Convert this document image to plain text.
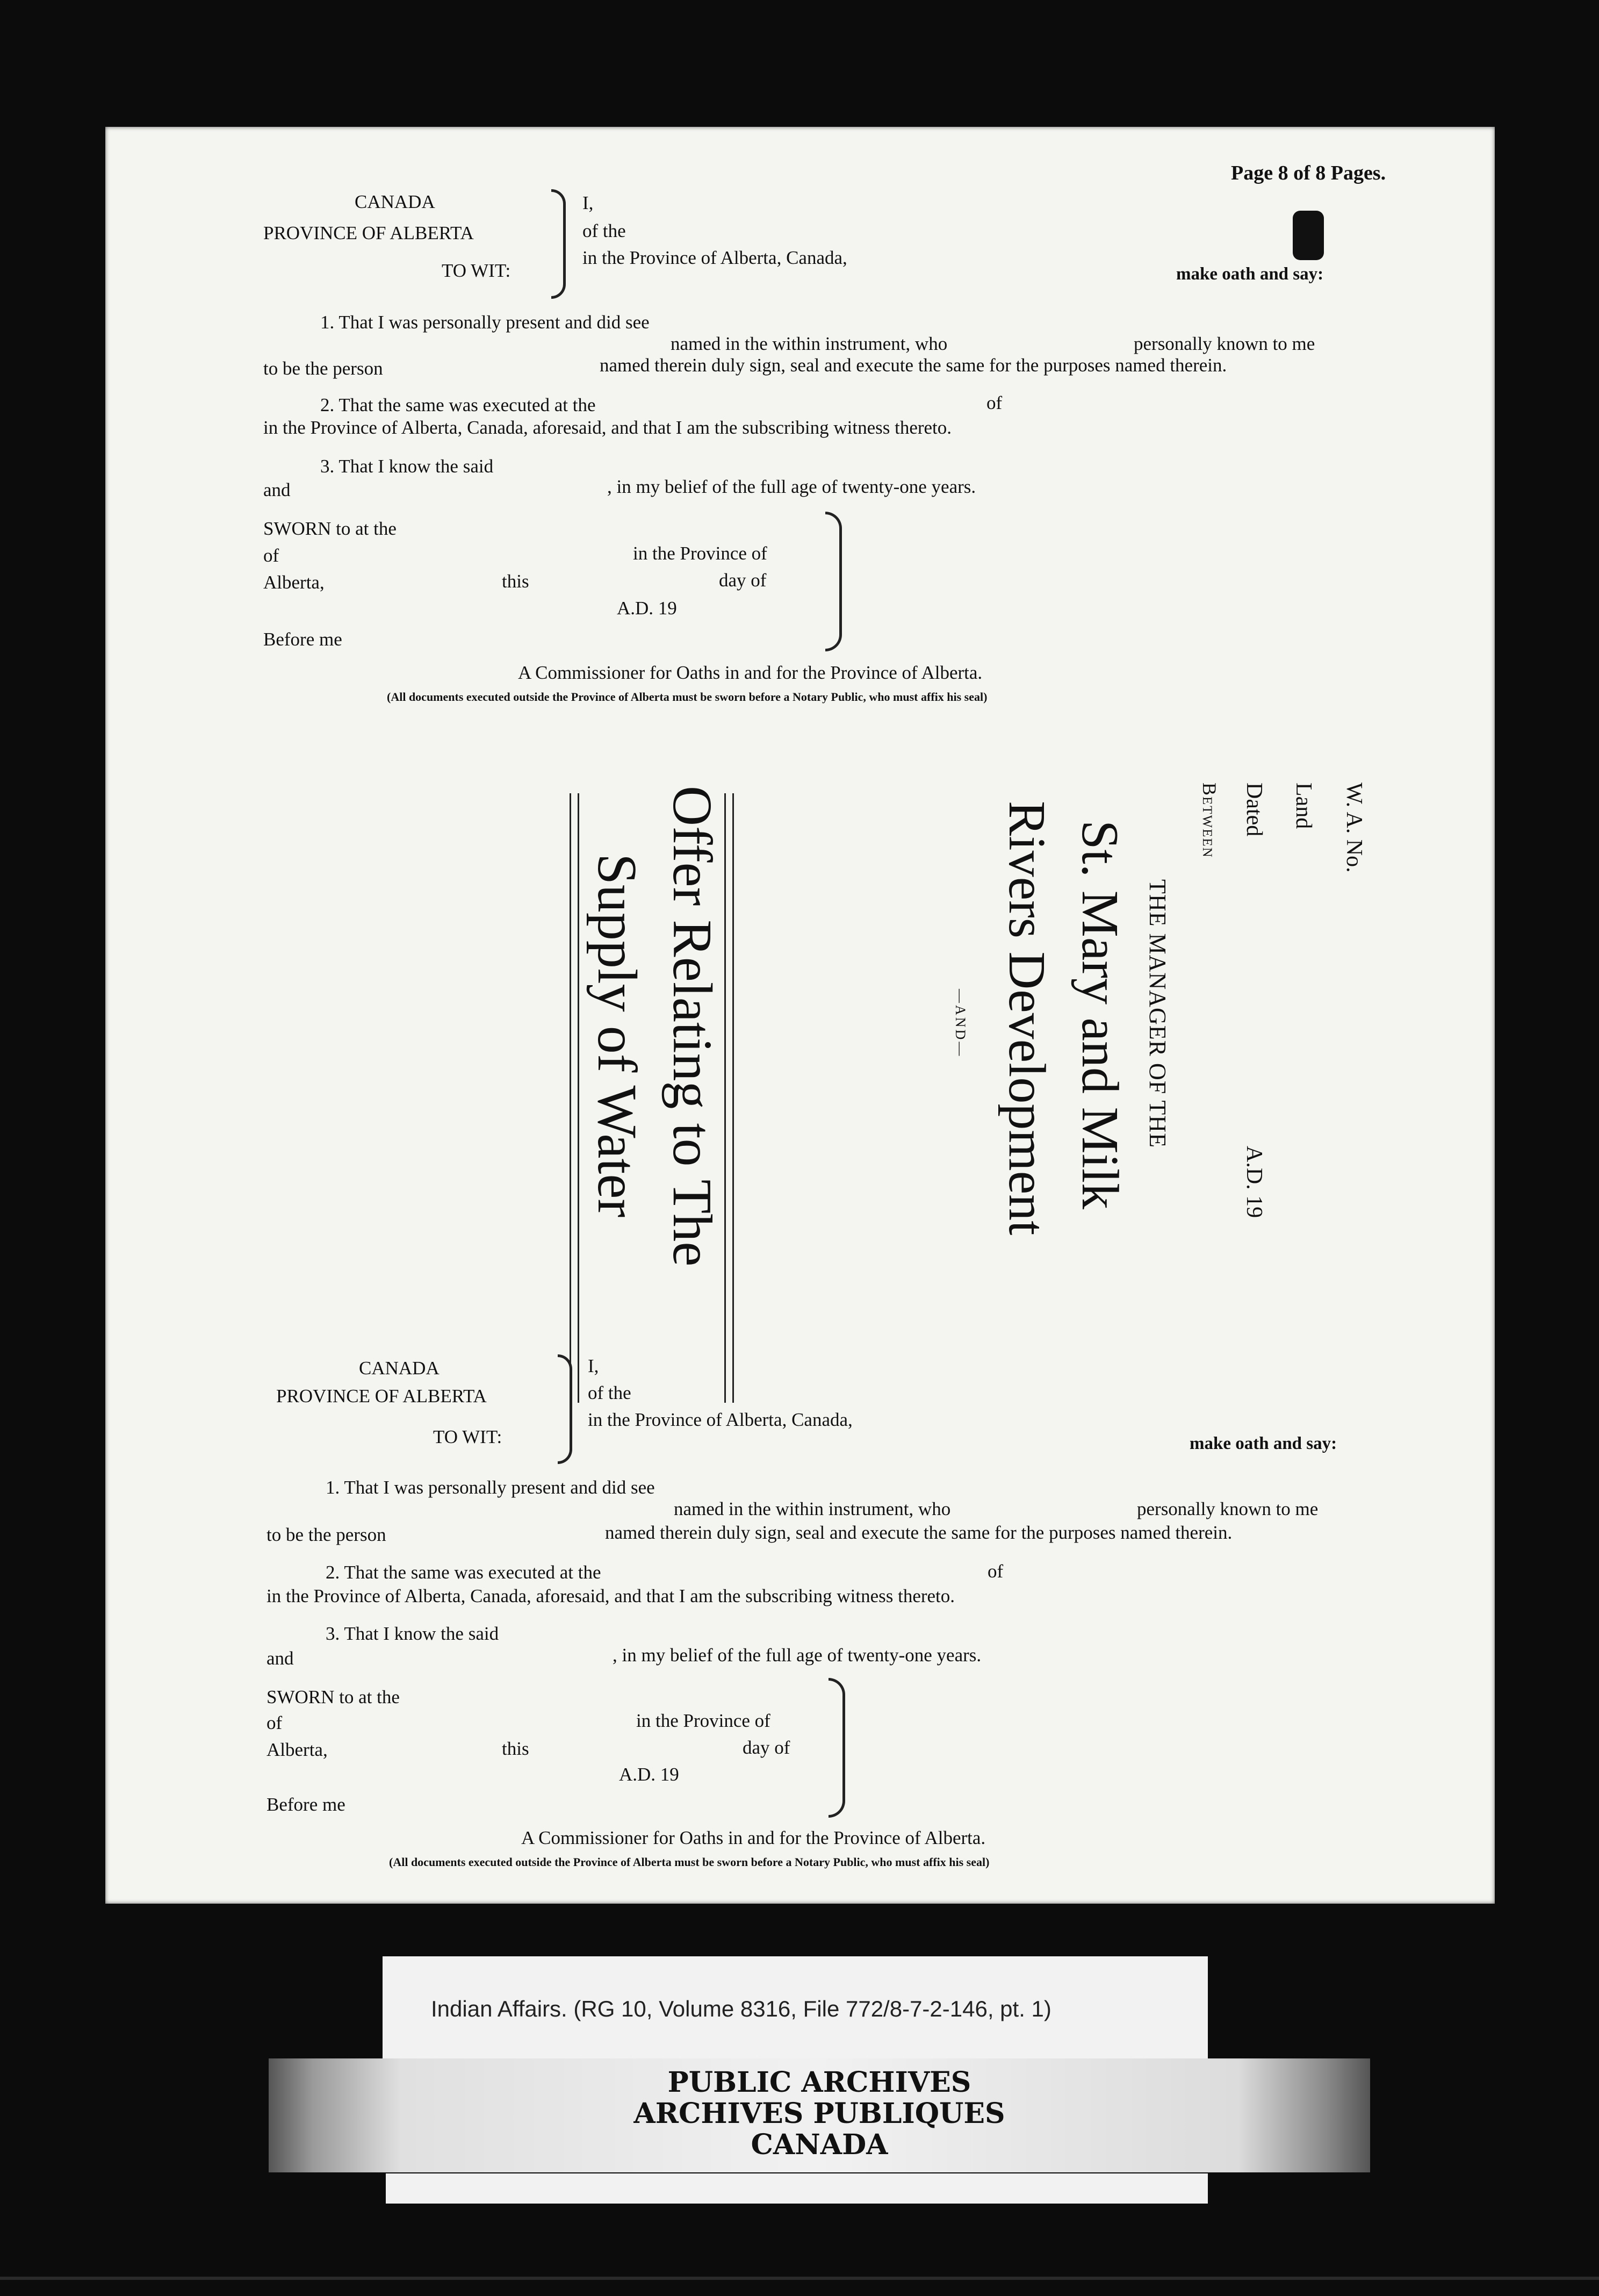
Page 8 of 8 Pages.
CANADA
PROVINCE OF ALBERTA
TO WIT:
I,
of the
in the Province of Alberta, Canada,
make oath and say:
1. That I was personally present and did see
named in the within instrument, who	personally known to me
to be the person	named therein duly sign, seal and execute the same for the purposes named therein.
2. That the same was executed at the	of
in the Province of Alberta, Canada, aforesaid, and that I am the subscribing witness thereto.
3. That I know the said
and	, in my belief of the full age of twenty-one years.
SWORN to at the
of	in the Province of
Alberta,	this	day of
A.D. 19
Before me
A Commissioner for Oaths in and for the Province of Alberta.
(All documents executed outside the Province of Alberta must be sworn before a Notary Public, who must affix his seal)
W. A. No.
Land
Dated
Between
A.D. 19
THE MANAGER OF THE
St. Mary and Milk
Rivers Development
—AND—
Offer Relating to The
Supply of Water
CANADA
PROVINCE OF ALBERTA
TO WIT:
I,
of the
in the Province of Alberta, Canada,
make oath and say:
1. That I was personally present and did see
named in the within instrument, who	personally known to me
to be the person	named therein duly sign, seal and execute the same for the purposes named therein.
2. That the same was executed at the	of
in the Province of Alberta, Canada, aforesaid, and that I am the subscribing witness thereto.
3. That I know the said
and	, in my belief of the full age of twenty-one years.
SWORN to at the
of	in the Province of
Alberta,	this	day of
A.D. 19
Before me
A Commissioner for Oaths in and for the Province of Alberta.
(All documents executed outside the Province of Alberta must be sworn before a Notary Public, who must affix his seal)
Indian Affairs. (RG 10, Volume 8316, File 772/8-7-2-146, pt. 1)
PUBLIC ARCHIVES
ARCHIVES PUBLIQUES
CANADA
